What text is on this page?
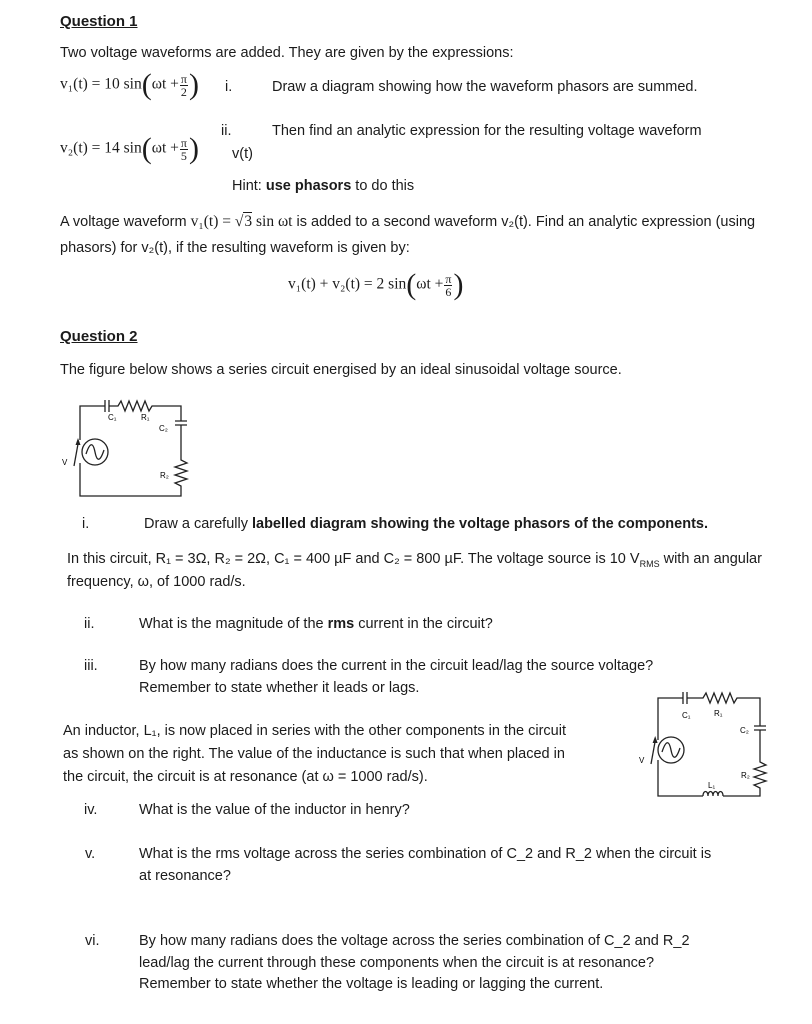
Question 1
Two voltage waveforms are added. They are given by the expressions:
v₁(t) = 10 $\sin(\omega t + \frac{\pi}{2}$ ) i.	Draw a diagram showing how the waveform phasors are summed.
ii.	Then find an analytic expression for the resulting voltage waveform
v₂(t) = 14 $\sin(\omega t + \frac{\pi}{5}$ ) v(t)
Hint: use phasors to do this
A voltage waveform v₁(t) = √3 sin ωt is added to a second waveform v₂(t). Find an analytic expression (using
phasors) for v₂(t), if the resulting waveform is given by:
v₁(t) + v₂(t) = 2 $\sin(\omega t + \frac{\pi}{6}$ )
Question 2
The figure below shows a series circuit energised by an ideal sinusoidal voltage source.
C₁	R₁
C₂
R₂
V
i.	Draw a carefully labelled diagram showing the voltage phasors of the components.
In this circuit, R₁ = 3Ω, R₂ = 2Ω, C₁ = 400 µF and C₂ = 800 µF. The voltage source is 10 $V_{RMS}$ with an angular
frequency, ω, of 1000 rad/s.
ii.	What is the magnitude of the rms current in the circuit?
iii.	By how many radians does the current in the circuit lead/lag the source voltage?
Remember to state whether it leads or lags.
An inductor, L₁, is now placed in series with the other components in the circuit
as shown on the right. The value of the inductance is such that when placed in
the circuit, the circuit is at resonance (at ω = 1000 rad/s).
C₁	R₁
C₂
R₂
L₁
V
iv.	What is the value of the inductor in henry?
v.	What is the rms voltage across the series combination of C_2 and R_2 when the circuit is
at resonance?
vi.	By how many radians does the voltage across the series combination of C_2 and R_2
lead/lag the current through these components when the circuit is at resonance?
Remember to state whether the voltage is leading or lagging the current.
